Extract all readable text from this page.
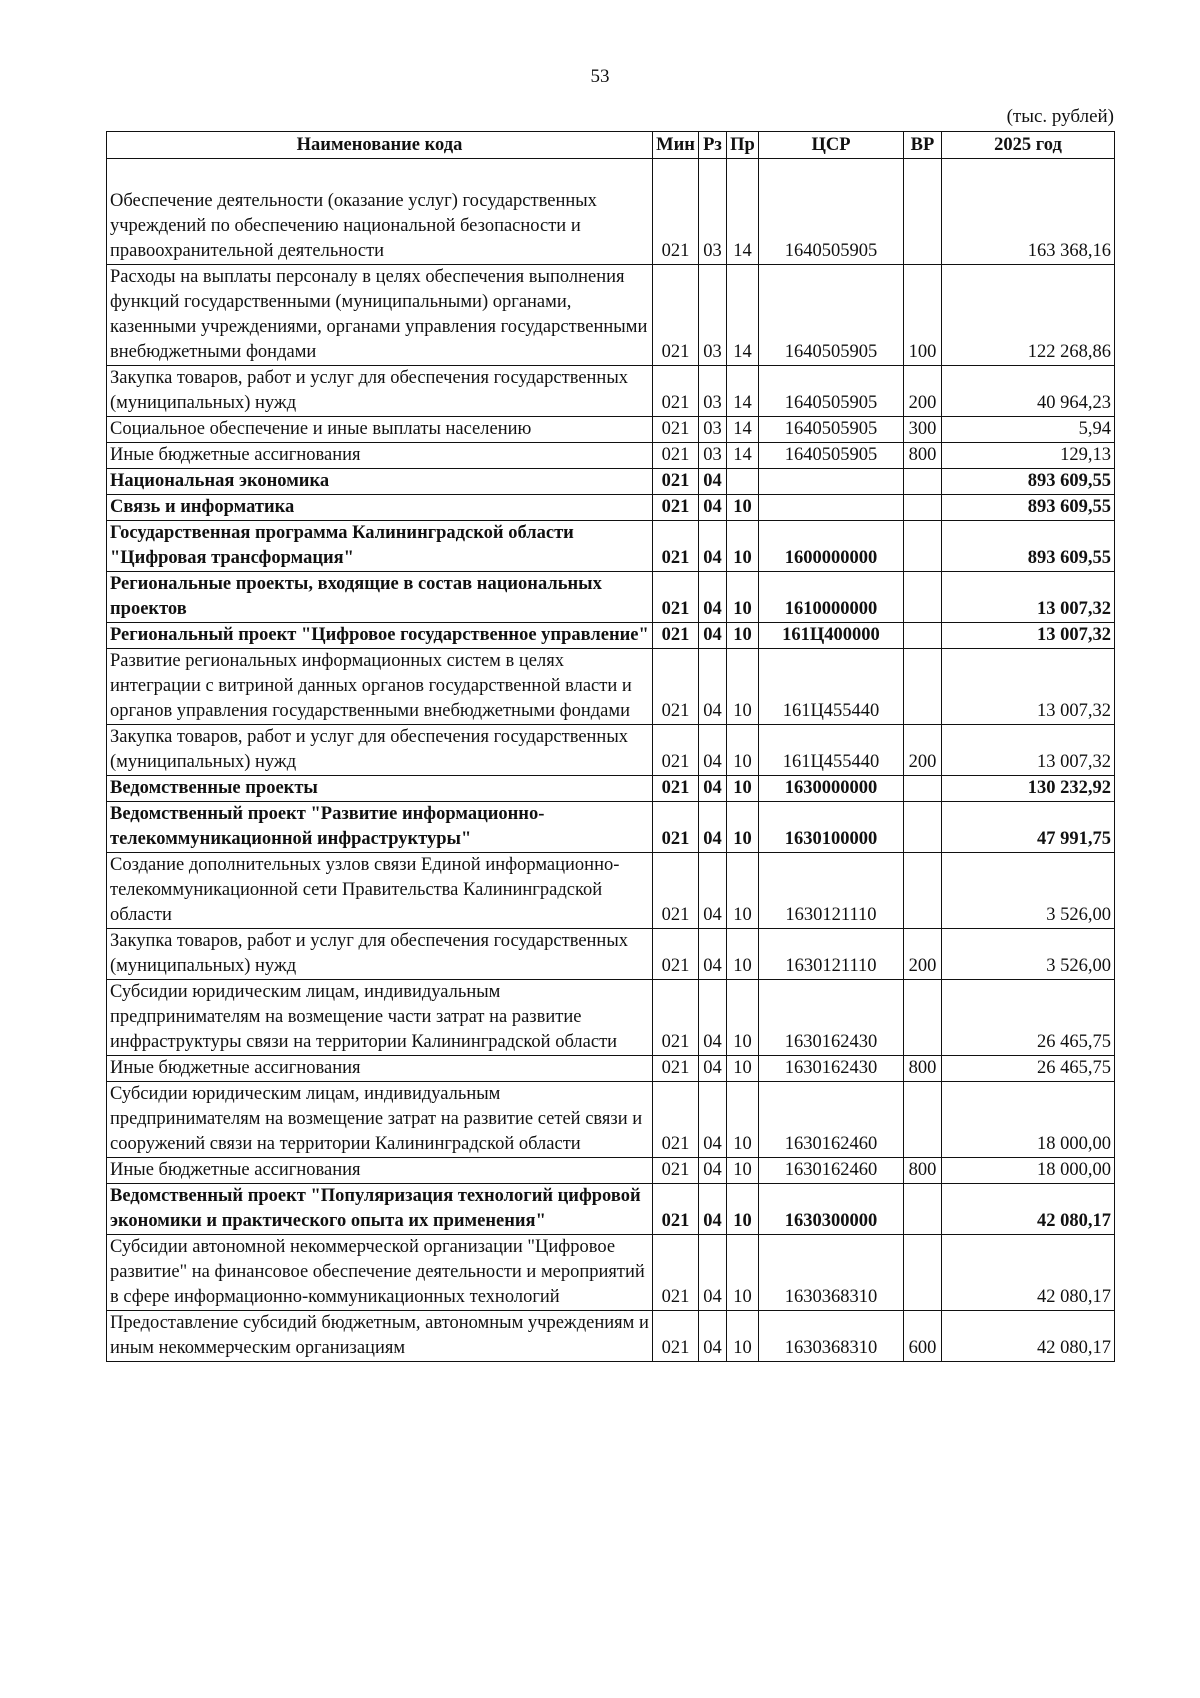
53
(тыс. рублей)
Наименование кода	Мин	Рз	Пр	ЦСР	ВР	2025 год

Обеспечение деятельности (оказание услуг) государственных учреждений по обеспечению национальной безопасности и правоохранительной деятельности	021	03	14	1640505905		163 368,16
Расходы на выплаты персоналу в целях обеспечения выполнения функций государственными (муниципальными) органами, казенными учреждениями, органами управления государственными внебюджетными фондами	021	03	14	1640505905	100	122 268,86
Закупка товаров, работ и услуг для обеспечения государственных (муниципальных) нужд	021	03	14	1640505905	200	40 964,23
Социальное обеспечение и иные выплаты населению	021	03	14	1640505905	300	5,94
Иные бюджетные ассигнования	021	03	14	1640505905	800	129,13
Национальная экономика	021	04				893 609,55
Связь и информатика	021	04	10			893 609,55
Государственная программа Калининградской области "Цифровая трансформация"	021	04	10	1600000000		893 609,55
Региональные проекты, входящие в состав национальных проектов	021	04	10	1610000000		13 007,32
Региональный проект "Цифровое государственное управление"	021	04	10	161Ц400000		13 007,32
Развитие региональных информационных систем в целях интеграции с витриной данных органов государственной власти и органов управления государственными внебюджетными фондами	021	04	10	161Ц455440		13 007,32
Закупка товаров, работ и услуг для обеспечения государственных (муниципальных) нужд	021	04	10	161Ц455440	200	13 007,32
Ведомственные проекты	021	04	10	1630000000		130 232,92
Ведомственный проект "Развитие информационно-телекоммуникационной инфраструктуры"	021	04	10	1630100000		47 991,75
Создание дополнительных узлов связи Единой информационно-телекоммуникационной сети Правительства Калининградской области	021	04	10	1630121110		3 526,00
Закупка товаров, работ и услуг для обеспечения государственных (муниципальных) нужд	021	04	10	1630121110	200	3 526,00
Субсидии юридическим лицам, индивидуальным предпринимателям на возмещение части затрат на развитие инфраструктуры связи на территории Калининградской области	021	04	10	1630162430		26 465,75
Иные бюджетные ассигнования	021	04	10	1630162430	800	26 465,75
Субсидии юридическим лицам, индивидуальным предпринимателям на возмещение затрат на развитие сетей связи и сооружений связи на территории Калининградской области	021	04	10	1630162460		18 000,00
Иные бюджетные ассигнования	021	04	10	1630162460	800	18 000,00
Ведомственный проект "Популяризация технологий цифровой экономики и практического опыта их применения"	021	04	10	1630300000		42 080,17
Субсидии автономной некоммерческой организации "Цифровое развитие" на финансовое обеспечение деятельности и мероприятий в сфере информационно-коммуникационных технологий	021	04	10	1630368310		42 080,17
Предоставление субсидий бюджетным, автономным учреждениям и иным некоммерческим организациям	021	04	10	1630368310	600	42 080,17
